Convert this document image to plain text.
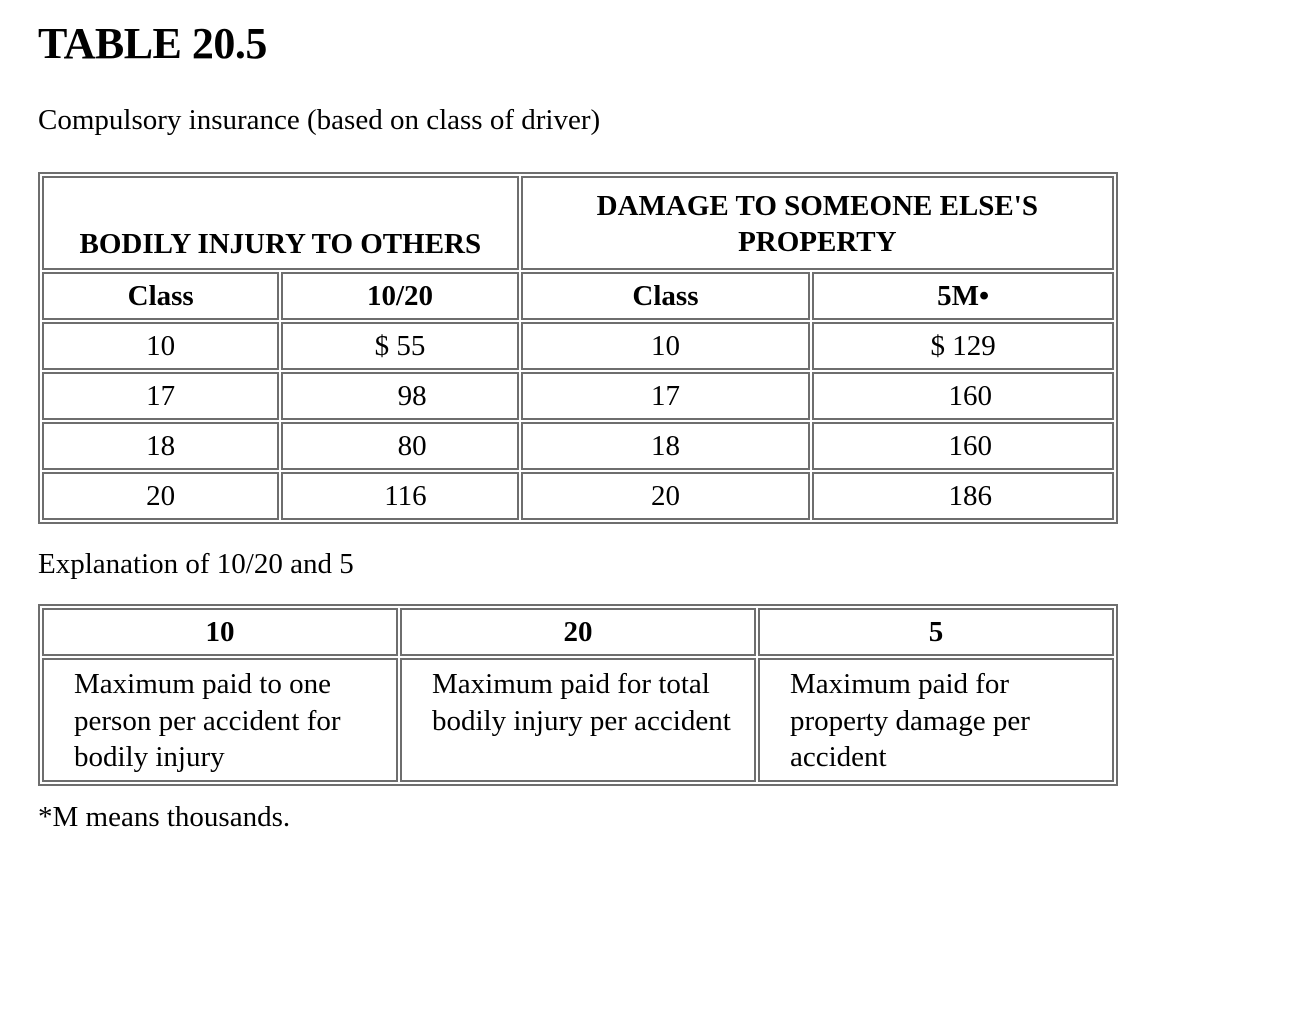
TABLE 20.5

Compulsory insurance (based on class of driver)

BODILY INJURY TO OTHERS		DAMAGE TO SOMEONE ELSE'S PROPERTY	
Class	10/20	Class	5M•
10	$ 55	10	$ 129
17	98	17	160
18	80	18	160
20	116	20	186

Explanation of 10/20 and 5

10	20	5
Maximum paid to one person per accident for bodily injury	Maximum paid for total bodily injury per accident	Maximum paid for property damage per accident

*M means thousands.
